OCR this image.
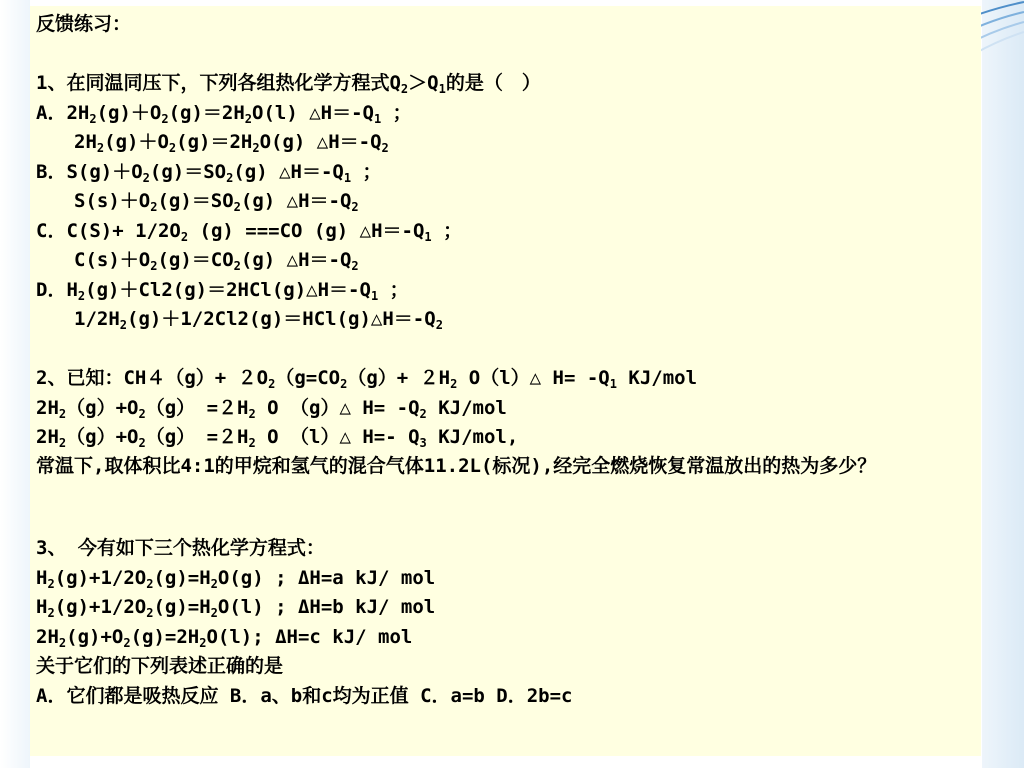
反馈练习：
1、在同温同压下，下列各组热化学方程式$Q_2>Q_1$的是（　）
A．$2H_2(g)+O_2(g)=2H_2O(l)$ $\triangle H=-Q_1$ ；
$2H_2(g)+O_2(g)=2H_2O(g)$ $\triangle H=-Q_2$
B．$S(g)+O_2(g)=SO_2(g)$ $\triangle H=-Q_1$ ；
$S(s)+O_2(g)=SO_2(g)$ $\triangle H=-Q_2$
C．$C(S)+ 1/2O_2$ (g) ===CO (g) $\triangle H=-Q_1$ ；
$C(s)+O_2(g)=CO_2(g)$ $\triangle H=-Q_2$
D．$H_2(g)+Cl2(g)=2HCl(g)\triangle H=-Q_1$ ；
$1/2H_2(g)+1/2Cl2(g)=HCl(g)\triangle H=-Q_2$
2、已知：$CH4(g)+ 2O_2(g=CO_2(g)+ 2H_2$ O（l）△ $H= -Q_1$ KJ/mol
$2H_2(g)+O_2(g) =2H_2$ O （g）△ $H= -Q_2$ KJ/mol
$2H_2(g)+O_2(g) =2H_2$ O （l）△ H=- $Q_3$ KJ/mol,
常温下,取体积比4:1的甲烷和氢气的混合气体11.2L(标况),经完全燃烧恢复常温放出的热为多少？
3、 今有如下三个热化学方程式：
$H_2(g)+1/2O_2(g)=H_2O(g)$ ; ΔH=a kJ/ mol
$H_2(g)+1/2O_2(g)=H_2O(l)$ ; ΔH=b kJ/ mol
$2H_2(g)+O_2(g)=2H_2O(l)$; ΔH=c kJ/ mol
关于它们的下列表述正确的是
A．它们都是吸热反应 B．a、b和c均为正值 C．a=b D．2b=c
